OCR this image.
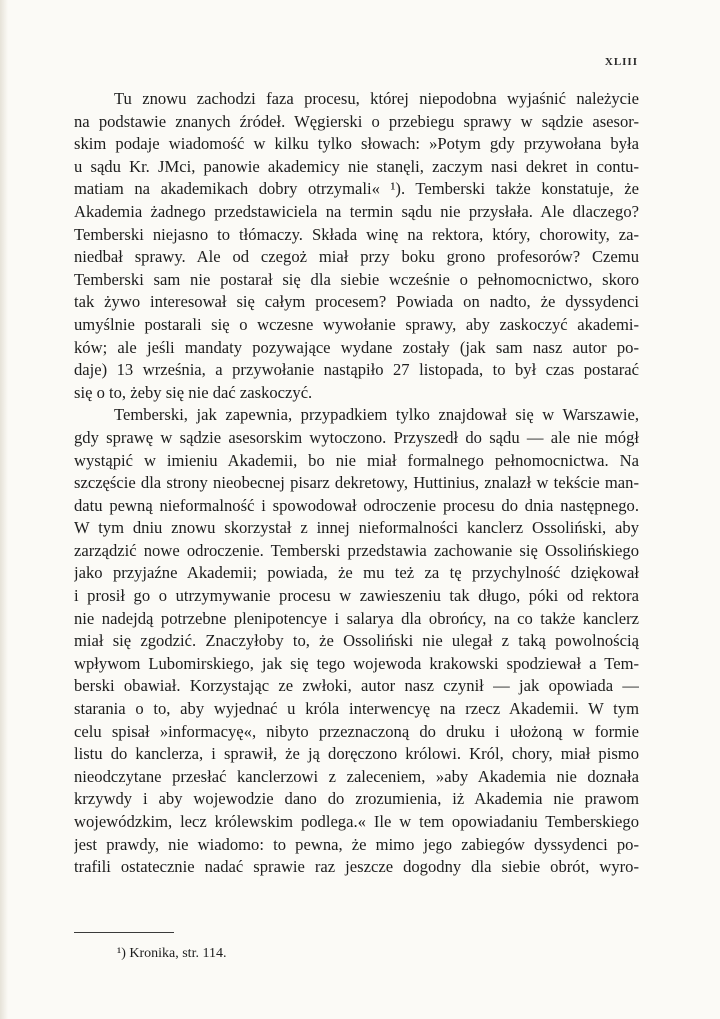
XLIII
Tu znowu zachodzi faza procesu, której niepodobna wyjaśnić należycie
na podstawie znanych źródeł. Węgierski o przebiegu sprawy w sądzie asesor-
skim podaje wiadomość w kilku tylko słowach: »Potym gdy przywołana była
u sądu Kr. JMci, panowie akademicy nie stanęli, zaczym nasi dekret in contu-
matiam na akademikach dobry otrzymali« ¹). Temberski także konstatuje, że
Akademia żadnego przedstawiciela na termin sądu nie przysłała. Ale dlaczego?
Temberski niejasno to tłómaczy. Składa winę na rektora, który, chorowity, za-
niedbał sprawy. Ale od czegoż miał przy boku grono profesorów? Czemu
Temberski sam nie postarał się dla siebie wcześnie o pełnomocnictwo, skoro
tak żywo interesował się całym procesem? Powiada on nadto, że dyssydenci
umyślnie postarali się o wczesne wywołanie sprawy, aby zaskoczyć akademi-
ków; ale jeśli mandaty pozywające wydane zostały (jak sam nasz autor po-
daje) 13 września, a przywołanie nastąpiło 27 listopada, to był czas postarać
się o to, żeby się nie dać zaskoczyć.
Temberski, jak zapewnia, przypadkiem tylko znajdował się w Warszawie,
gdy sprawę w sądzie asesorskim wytoczono. Przyszedł do sądu — ale nie mógł
wystąpić w imieniu Akademii, bo nie miał formalnego pełnomocnictwa. Na
szczęście dla strony nieobecnej pisarz dekretowy, Huttinius, znalazł w tekście man-
datu pewną nieformalność i spowodował odroczenie procesu do dnia następnego.
W tym dniu znowu skorzystał z innej nieformalności kanclerz Ossoliński, aby
zarządzić nowe odroczenie. Temberski przedstawia zachowanie się Ossolińskiego
jako przyjaźne Akademii; powiada, że mu też za tę przychylność dziękował
i prosił go o utrzymywanie procesu w zawieszeniu tak długo, póki od rektora
nie nadejdą potrzebne plenipotencye i salarya dla obrońcy, na co także kanclerz
miał się zgodzić. Znaczyłoby to, że Ossoliński nie ulegał z taką powolnością
wpływom Lubomirskiego, jak się tego wojewoda krakowski spodziewał a Tem-
berski obawiał. Korzystając ze zwłoki, autor nasz czynił — jak opowiada —
starania o to, aby wyjednać u króla interwencyę na rzecz Akademii. W tym
celu spisał »informacyę«, nibyto przeznaczoną do druku i ułożoną w formie
listu do kanclerza, i sprawił, że ją doręczono królowi. Król, chory, miał pismo
nieodczytane przesłać kanclerzowi z zaleceniem, »aby Akademia nie doznała
krzywdy i aby wojewodzie dano do zrozumienia, iż Akademia nie prawom
wojewódzkim, lecz królewskim podlega.« Ile w tem opowiadaniu Temberskiego
jest prawdy, nie wiadomo: to pewna, że mimo jego zabiegów dyssydenci po-
trafili ostatecznie nadać sprawie raz jeszcze dogodny dla siebie obrót, wyro-
¹) Kronika, str. 114.
